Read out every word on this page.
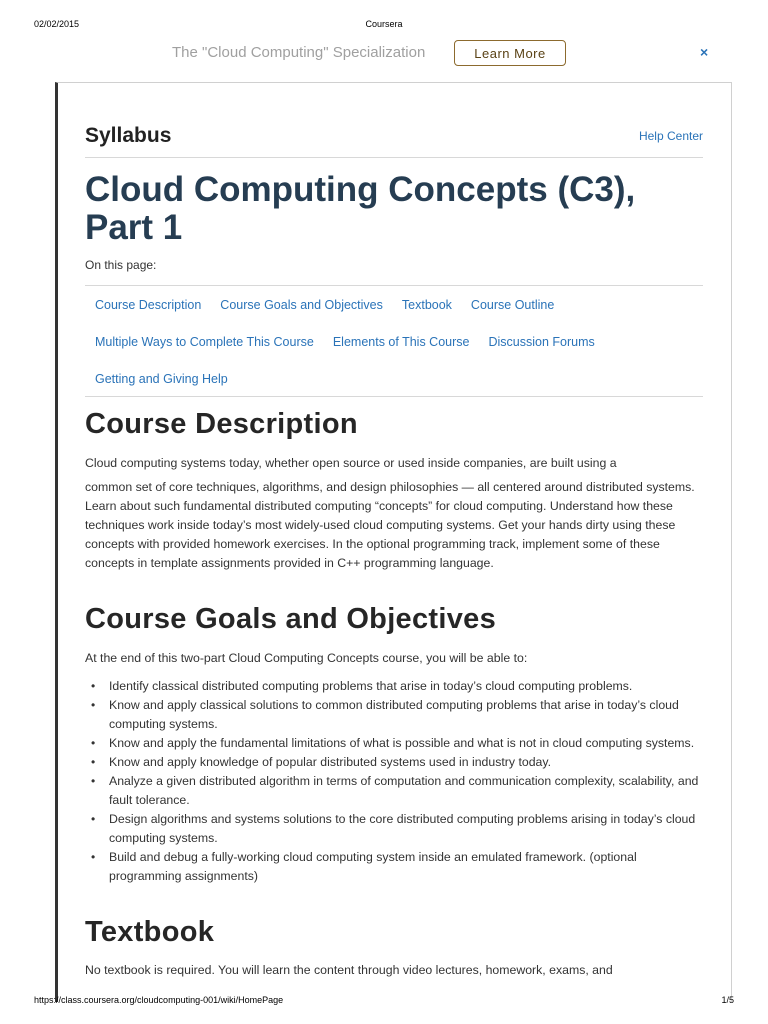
02/02/2015	Coursera
The "Cloud Computing" Specialization	Learn More	×
Syllabus	Help Center
Cloud Computing Concepts (C3), Part 1
On this page:
Course Description Course Goals and Objectives Textbook Course Outline
Multiple Ways to Complete This Course Elements of This Course Discussion Forums
Getting and Giving Help
Course Description

Cloud computing systems today, whether open source or used inside companies, are built using a

common set of core techniques, algorithms, and design philosophies — all centered around distributed systems. Learn about such fundamental distributed computing “concepts” for cloud computing. Understand how these techniques work inside today’s most widely-used cloud computing systems. Get your hands dirty using these concepts with provided homework exercises. In the optional programming track, implement some of these concepts in template assignments provided in C++ programming language.

Course Goals and Objectives

At the end of this two-part Cloud Computing Concepts course, you will be able to:

• Identify classical distributed computing problems that arise in today’s cloud computing problems.
• Know and apply classical solutions to common distributed computing problems that arise in today’s cloud computing systems.
• Know and apply the fundamental limitations of what is possible and what is not in cloud computing systems.
• Know and apply knowledge of popular distributed systems used in industry today.
• Analyze a given distributed algorithm in terms of computation and communication complexity, scalability, and fault tolerance.
• Design algorithms and systems solutions to the core distributed computing problems arising in today’s cloud computing systems.
• Build and debug a fully-working cloud computing system inside an emulated framework. (optional programming assignments)
Textbook

No textbook is required. You will learn the content through video lectures, homework, exams, and

https://class.coursera.org/cloudcomputing-001/wiki/HomePage	1/5
